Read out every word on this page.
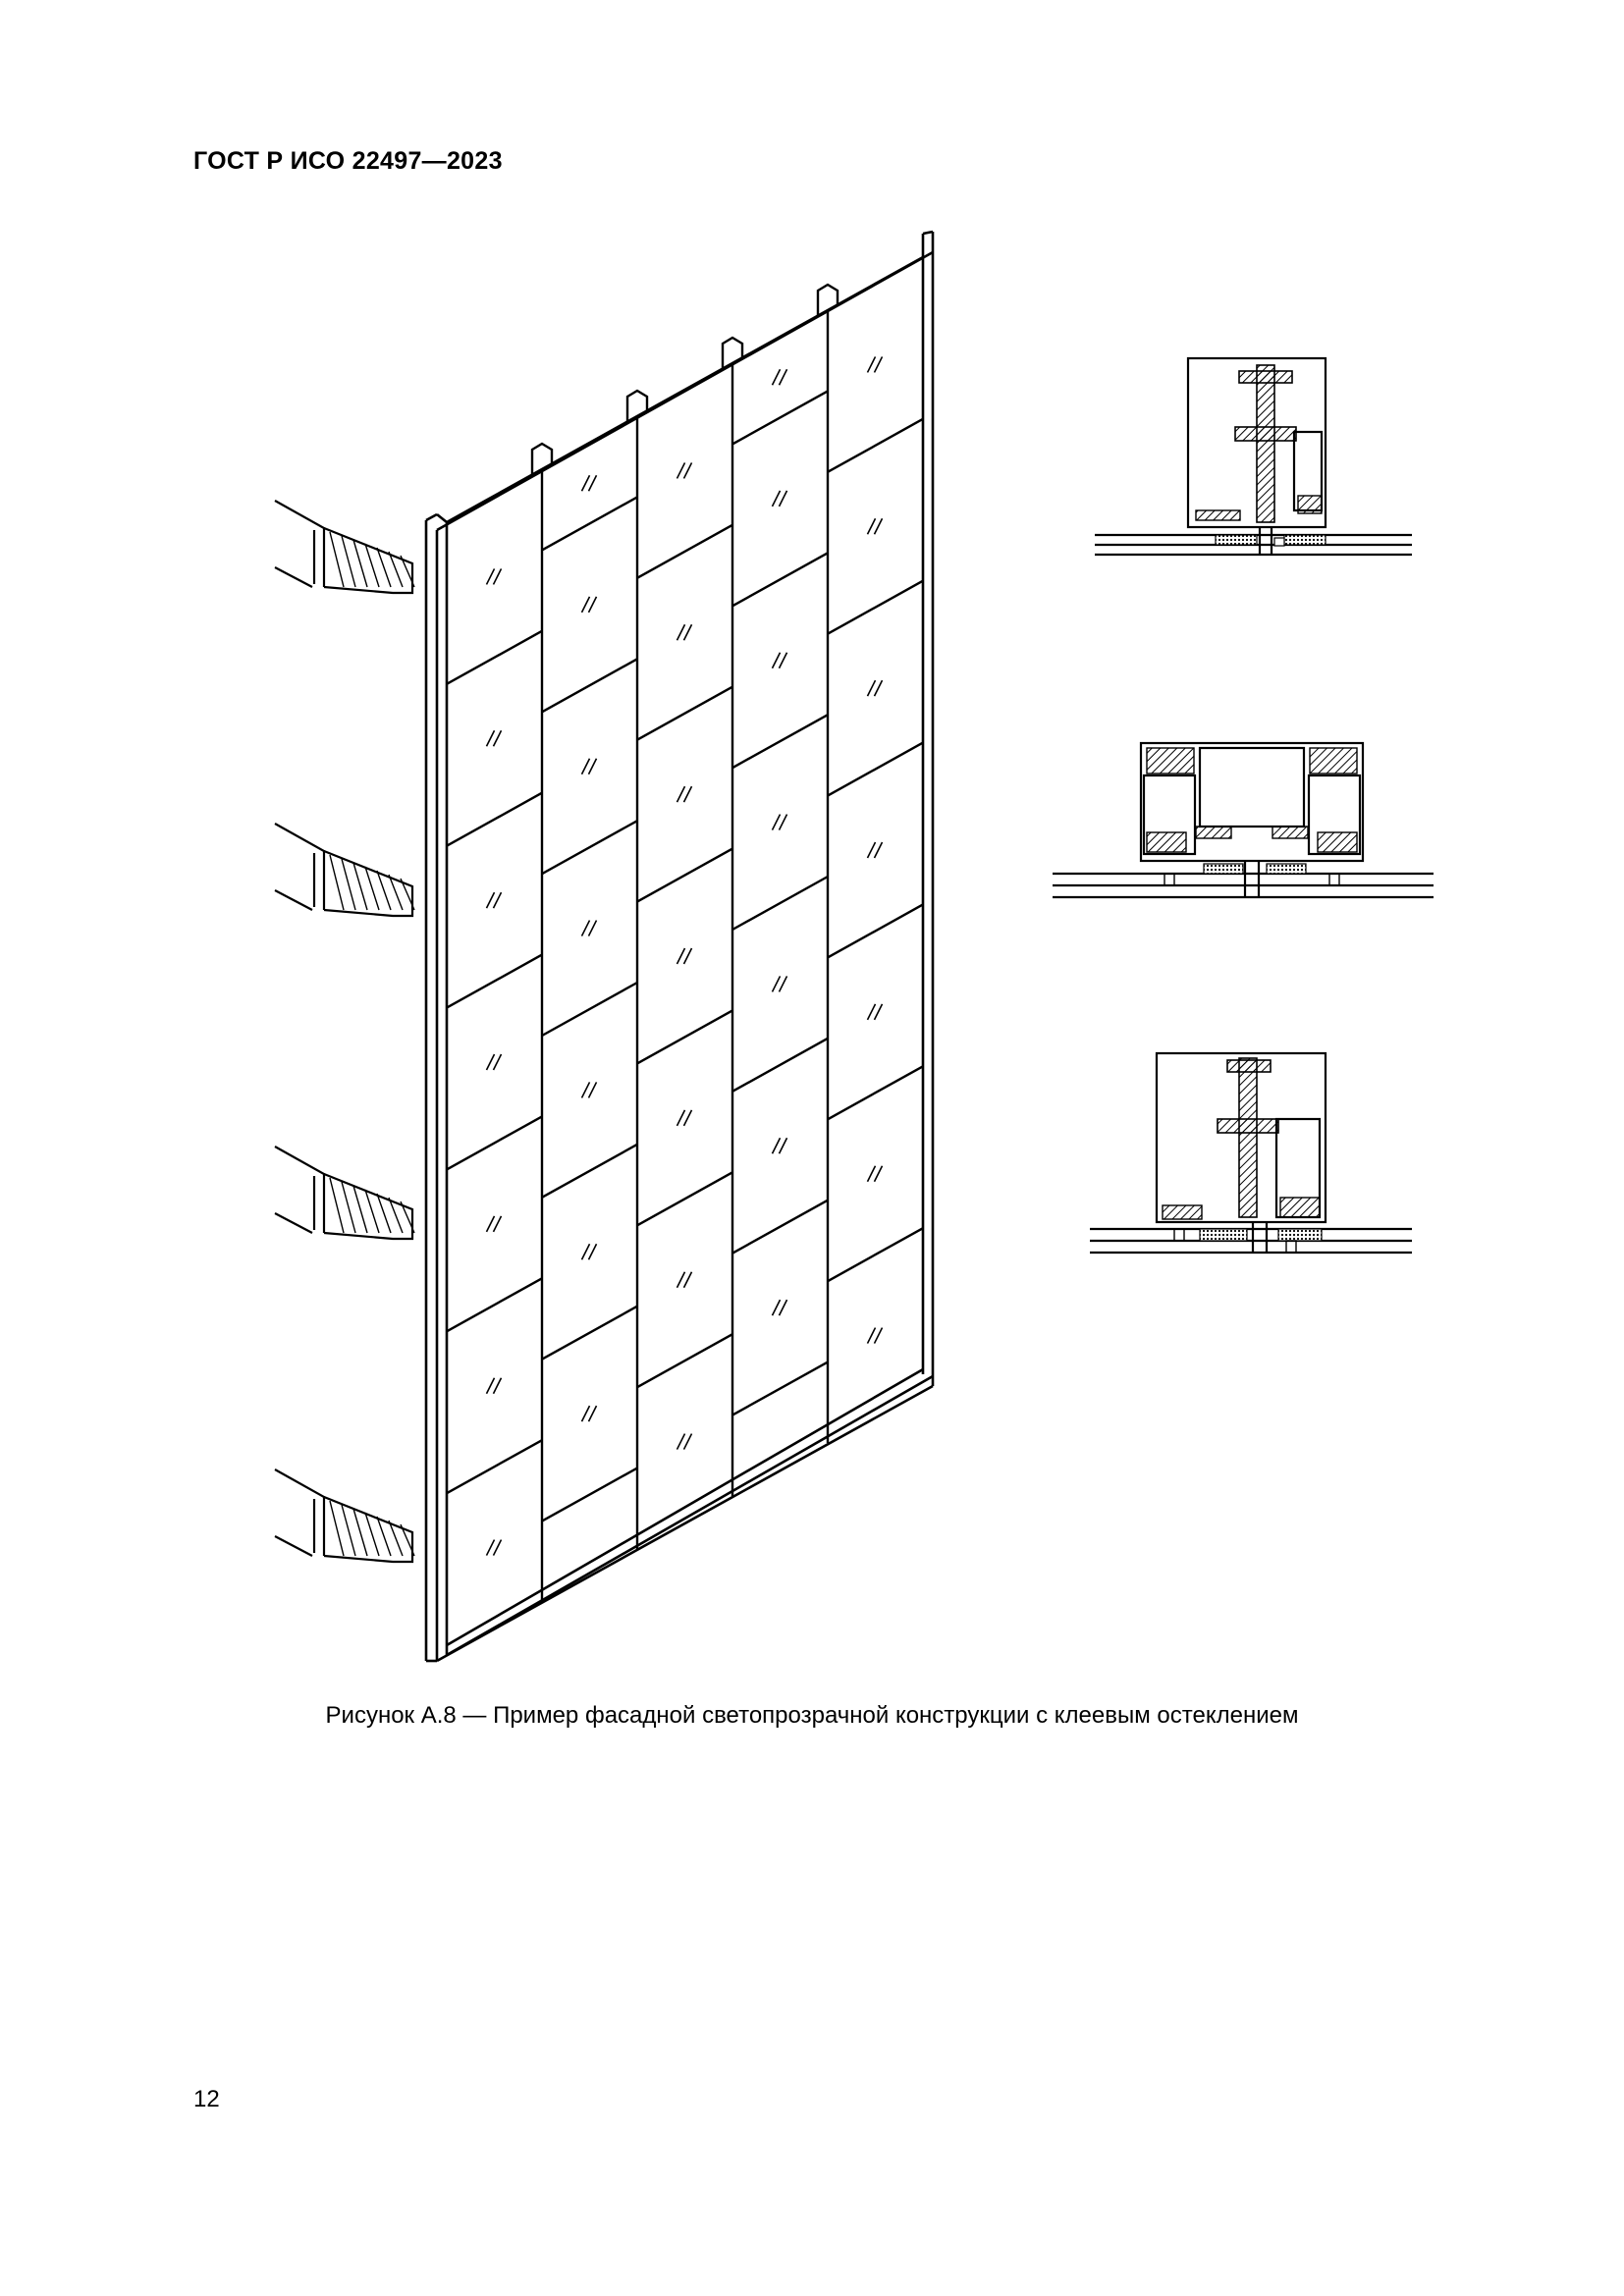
ГОСТ Р ИСО 22497—2023
Рисунок А.8 — Пример фасадной светопрозрачной конструкции с клеевым остеклением
12
